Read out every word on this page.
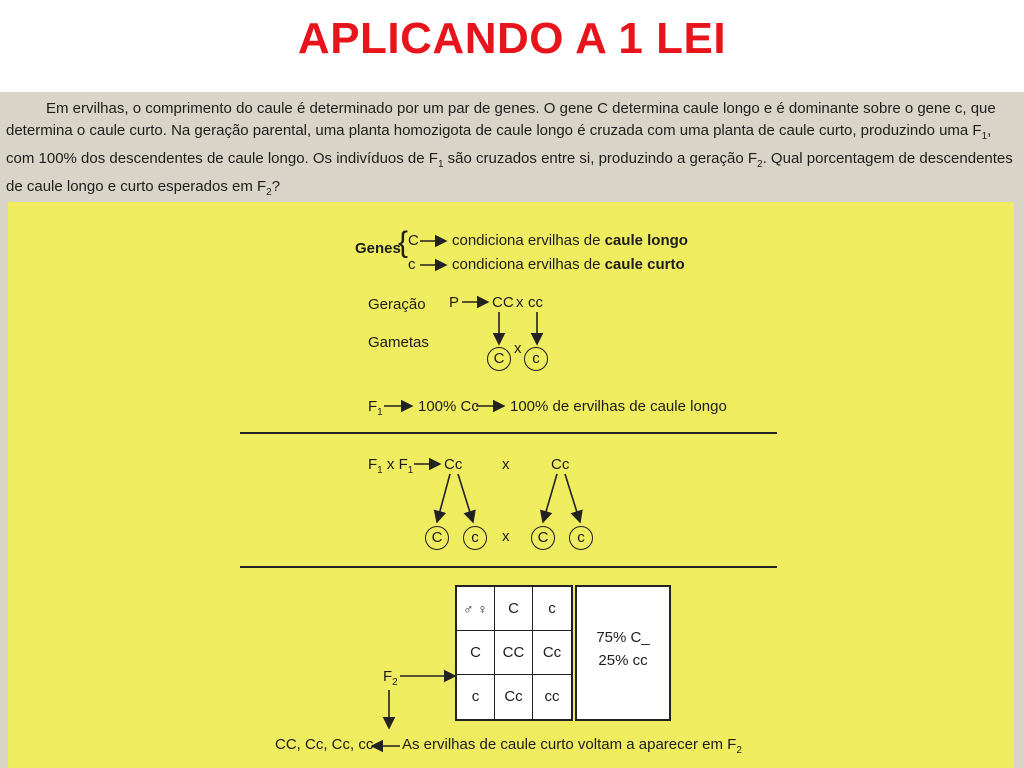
APLICANDO A 1 LEI

Em ervilhas, o comprimento do caule é determinado por um par de genes. O gene C determina caule longo e é dominante sobre o gene c, que determina o caule curto. Na geração parental, uma planta homozigota de caule longo é cruzada com uma planta de caule curto, produzindo uma $F_1$, com 100% dos descendentes de caule longo. Os indivíduos de $F_1$ são cruzados entre si, produzindo a geração $F_2$. Qual porcentagem de descendentes de caule longo e curto esperados em $F_2$?

Genes
{ C condiciona ervilhas de caule longo
c condiciona ervilhas de caule curto
Geração P CC x cc
Gametas
C
x
c
$F_1$ 100% Cc 100% de ervilhas de caule longo
$F_1$ x $F_1$ Cc	x	Cc
C	c	x	C	c
♂ ♀	C	c
C	CC	Cc
c	Cc	cc
75% C_
25% cc
$F_2$
CC, Cc, Cc, cc As ervilhas de caule curto voltam a aparecer em $F_2$
